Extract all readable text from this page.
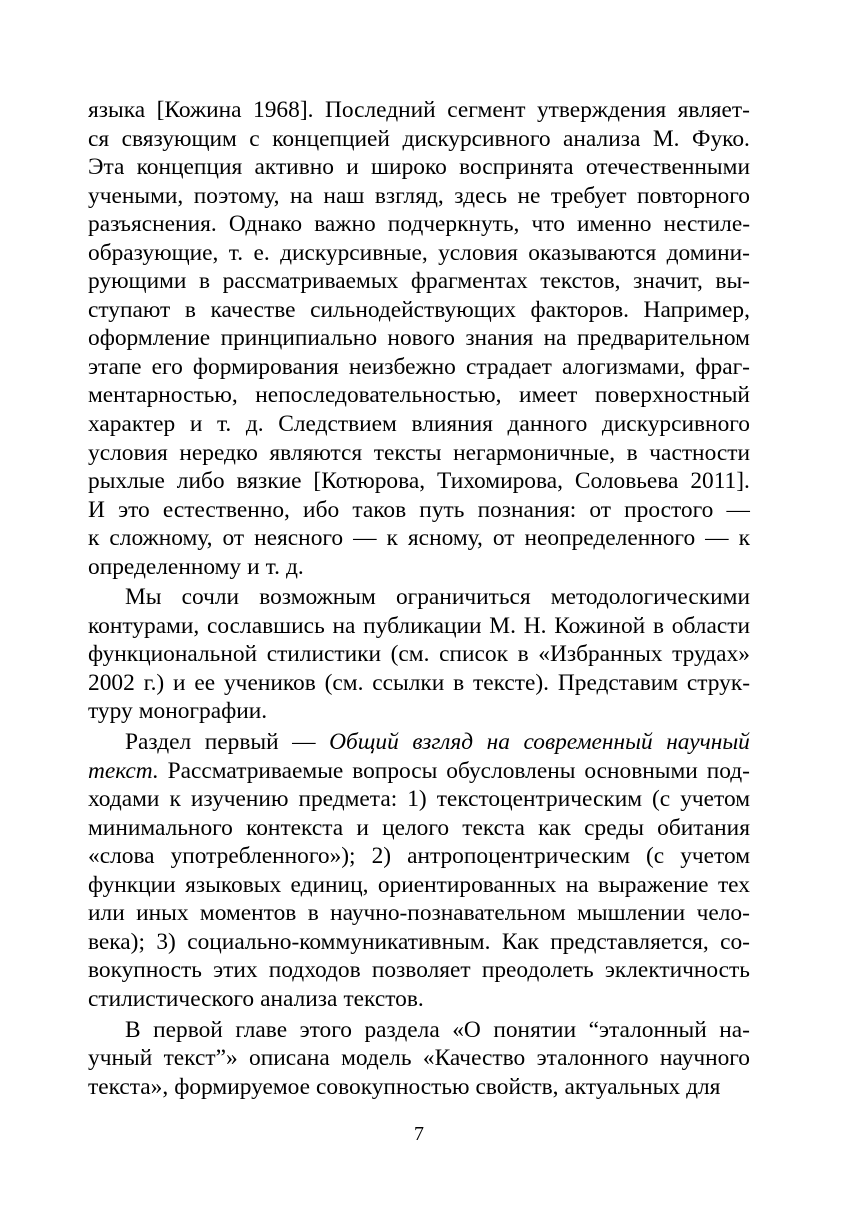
языка [Кожина 1968]. Последний сегмент утверждения являет-
ся связующим с концепцией дискурсивного анализа М. Фуко.
Эта концепция активно и широко воспринята отечественными
учеными, поэтому, на наш взгляд, здесь не требует повторного
разъяснения. Однако важно подчеркнуть, что именно нестиле-
образующие, т. е. дискурсивные, условия оказываются домини-
рующими в рассматриваемых фрагментах текстов, значит, вы-
ступают в качестве сильнодействующих факторов. Например,
оформление принципиально нового знания на предварительном
этапе его формирования неизбежно страдает алогизмами, фраг-
ментарностью, непоследовательностью, имеет поверхностный
характер и т. д. Следствием влияния данного дискурсивного
условия нередко являются тексты негармоничные, в частности
рыхлые либо вязкие [Котюрова, Тихомирова, Соловьева 2011].
И это естественно, ибо таков путь познания: от простого —
к сложному, от неясного — к ясному, от неопределенного — к
определенному и т. д.
Мы сочли возможным ограничиться методологическими
контурами, сославшись на публикации М. Н. Кожиной в области
функциональной стилистики (см. список в «Избранных трудах»
2002 г.) и ее учеников (см. ссылки в тексте). Представим струк-
туру монографии.
Раздел первый — Общий взгляд на современный научный
текст. Рассматриваемые вопросы обусловлены основными под-
ходами к изучению предмета: 1) текстоцентрическим (с учетом
минимального контекста и целого текста как среды обитания
«слова употребленного»); 2) антропоцентрическим (с учетом
функции языковых единиц, ориентированных на выражение тех
или иных моментов в научно-познавательном мышлении чело-
века); 3) социально-коммуникативным. Как представляется, со-
вокупность этих подходов позволяет преодолеть эклектичность
стилистического анализа текстов.
В первой главе этого раздела «О понятии “эталонный на-
учный текст”» описана модель «Качество эталонного научного
текста», формируемое совокупностью свойств, актуальных для
7
